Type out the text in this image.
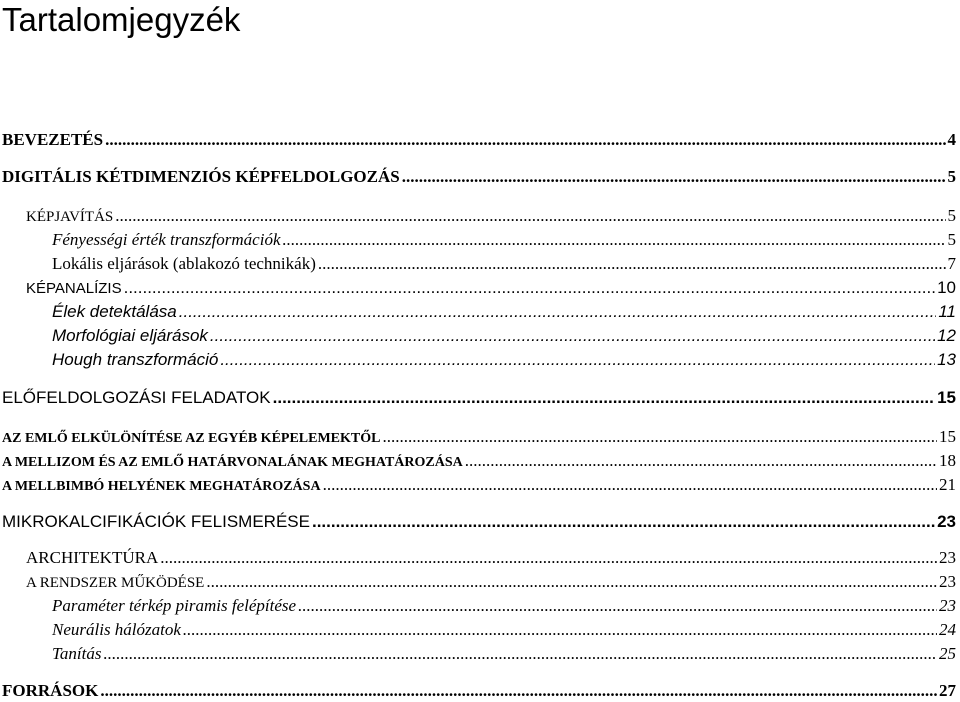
Tartalomjegyzék
BEVEZETÉS .....	4
DIGITÁLIS KÉTDIMENZIÓS KÉPFELDOLGOZÁS .....	5
KÉPJAVÍTÁS .....	5
Fényességi érték transzformációk .....	5
Lokális eljárások (ablakozó technikák) .....	7
KÉPANALÍZIS .....	10
Élek detektálása .....	11
Morfológiai eljárások .....	12
Hough transzformáció .....	13
ELŐFELDOLGOZÁSI FELADATOK .....	15
AZ EMLŐ ELKÜLÖNÍTÉSE AZ EGYÉB KÉPELEMEKTŐL .....	15
A MELLIZOM ÉS AZ EMLŐ HATÁRVONALÁNAK MEGHATÁROZÁSA .....	18
A MELLBIMBÓ HELYÉNEK MEGHATÁROZÁSA .....	21
MIKROKALCIFIKÁCIÓK FELISMERÉSE .....	23
ARCHITEKTÚRA .....	23
A RENDSZER MŰKÖDÉSE .....	23
Paraméter térkép piramis felépítése .....	23
Neurális hálózatok .....	24
Tanítás .....	25
FORRÁSOK .....	27
